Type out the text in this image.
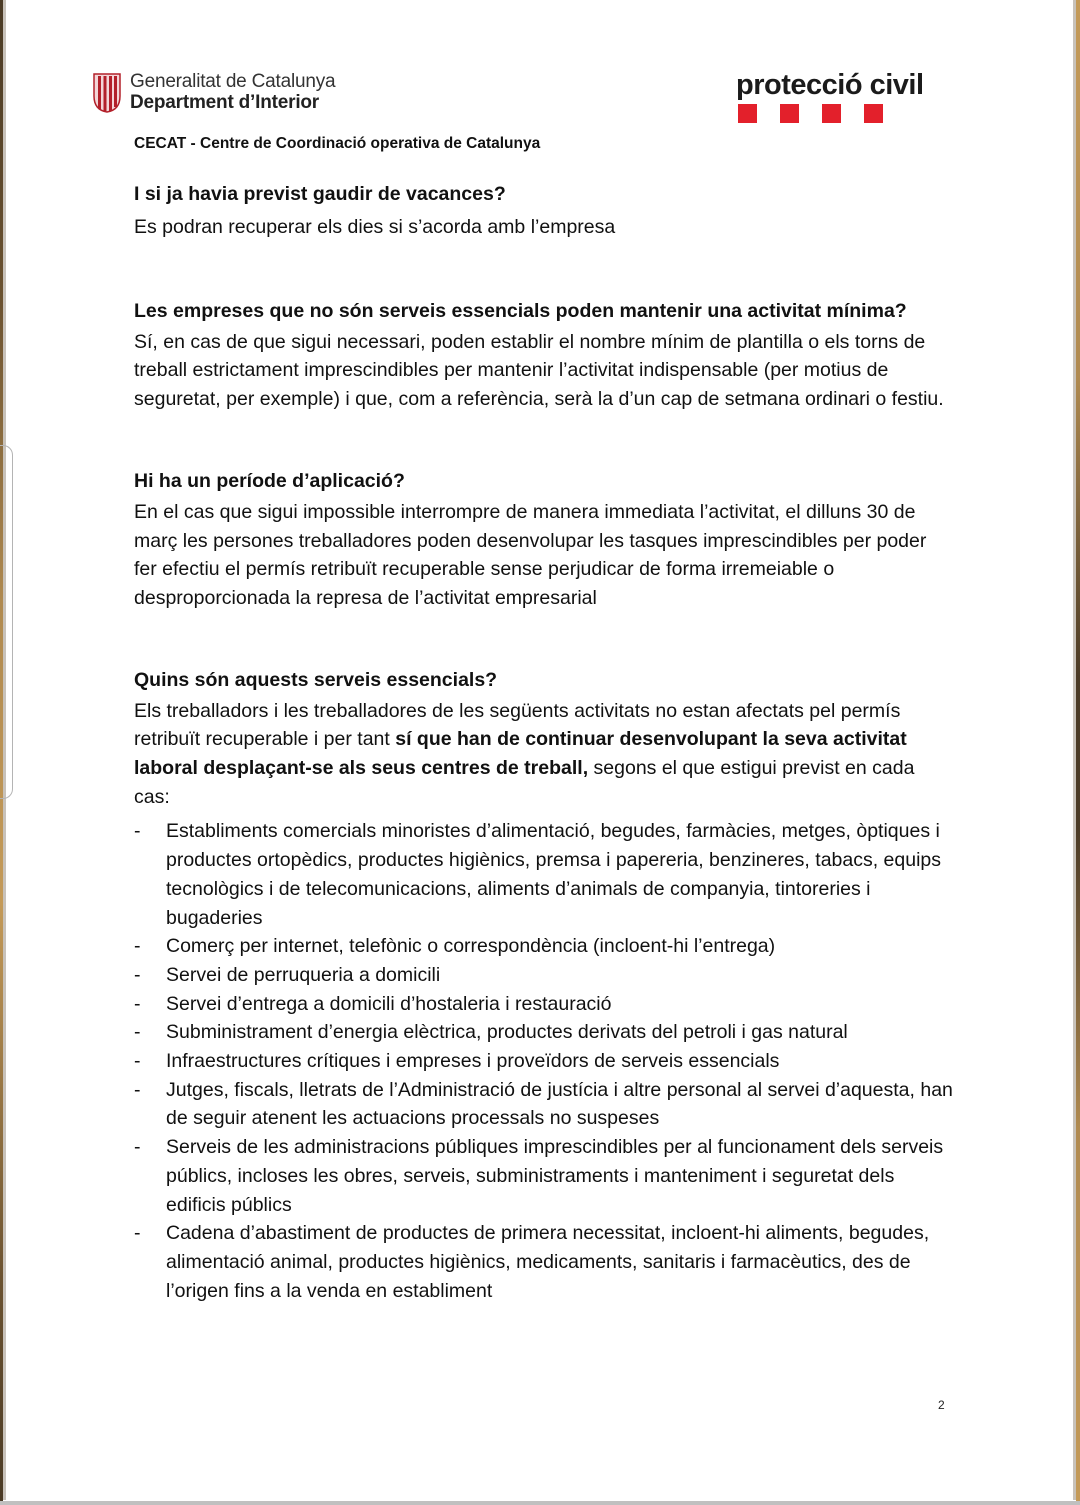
Generalitat de Catalunya
Department d’Interior
protecció civil
CECAT - Centre de Coordinació operativa de Catalunya

I si ja havia previst gaudir de vacances?

Es podran recuperar els dies si s’acorda amb l’empresa

Les empreses que no són serveis essencials poden mantenir una activitat mínima?

Sí, en cas de que sigui necessari, poden establir el nombre mínim de plantilla o els torns de treball estrictament imprescindibles per mantenir l’activitat indispensable (per motius de seguretat, per exemple) i que, com a referència, serà la d’un cap de setmana ordinari o festiu.

Hi ha un període d’aplicació?

En el cas que sigui impossible interrompre de manera immediata l’activitat, el dilluns 30 de març les persones treballadores poden desenvolupar les tasques imprescindibles per poder fer efectiu el permís retribuït recuperable sense perjudicar de forma irremeiable o desproporcionada la represa de l’activitat empresarial

Quins són aquests serveis essencials?

Els treballadors i les treballadores de les següents activitats no estan afectats pel permís retribuït recuperable i per tant sí que han de continuar desenvolupant la seva activitat laboral desplaçant-se als seus centres de treball, segons el que estigui previst en cada cas:

- Establiments comercials minoristes d’alimentació, begudes, farmàcies, metges, òptiques i productes ortopèdics, productes higiènics, premsa i papereria, benzineres, tabacs, equips tecnològics i de telecomunicacions, aliments d’animals de companyia, tintoreries i bugaderies
- Comerç per internet, telefònic o correspondència (incloent-hi l’entrega)
- Servei de perruqueria a domicili
- Servei d’entrega a domicili d’hostaleria i restauració
- Subministrament d’energia elèctrica, productes derivats del petroli i gas natural
- Infraestructures crítiques i empreses i proveïdors de serveis essencials
- Jutges, fiscals, lletrats de l’Administració de justícia i altre personal al servei d’aquesta, han de seguir atenent les actuacions processals no suspeses
- Serveis de les administracions públiques imprescindibles per al funcionament dels serveis públics, incloses les obres, serveis, subministraments i manteniment i seguretat dels edificis públics
- Cadena d’abastiment de productes de primera necessitat, incloent-hi aliments, begudes, alimentació animal, productes higiènics, medicaments, sanitaris i farmacèutics, des de l’origen fins a la venda en establiment
2
